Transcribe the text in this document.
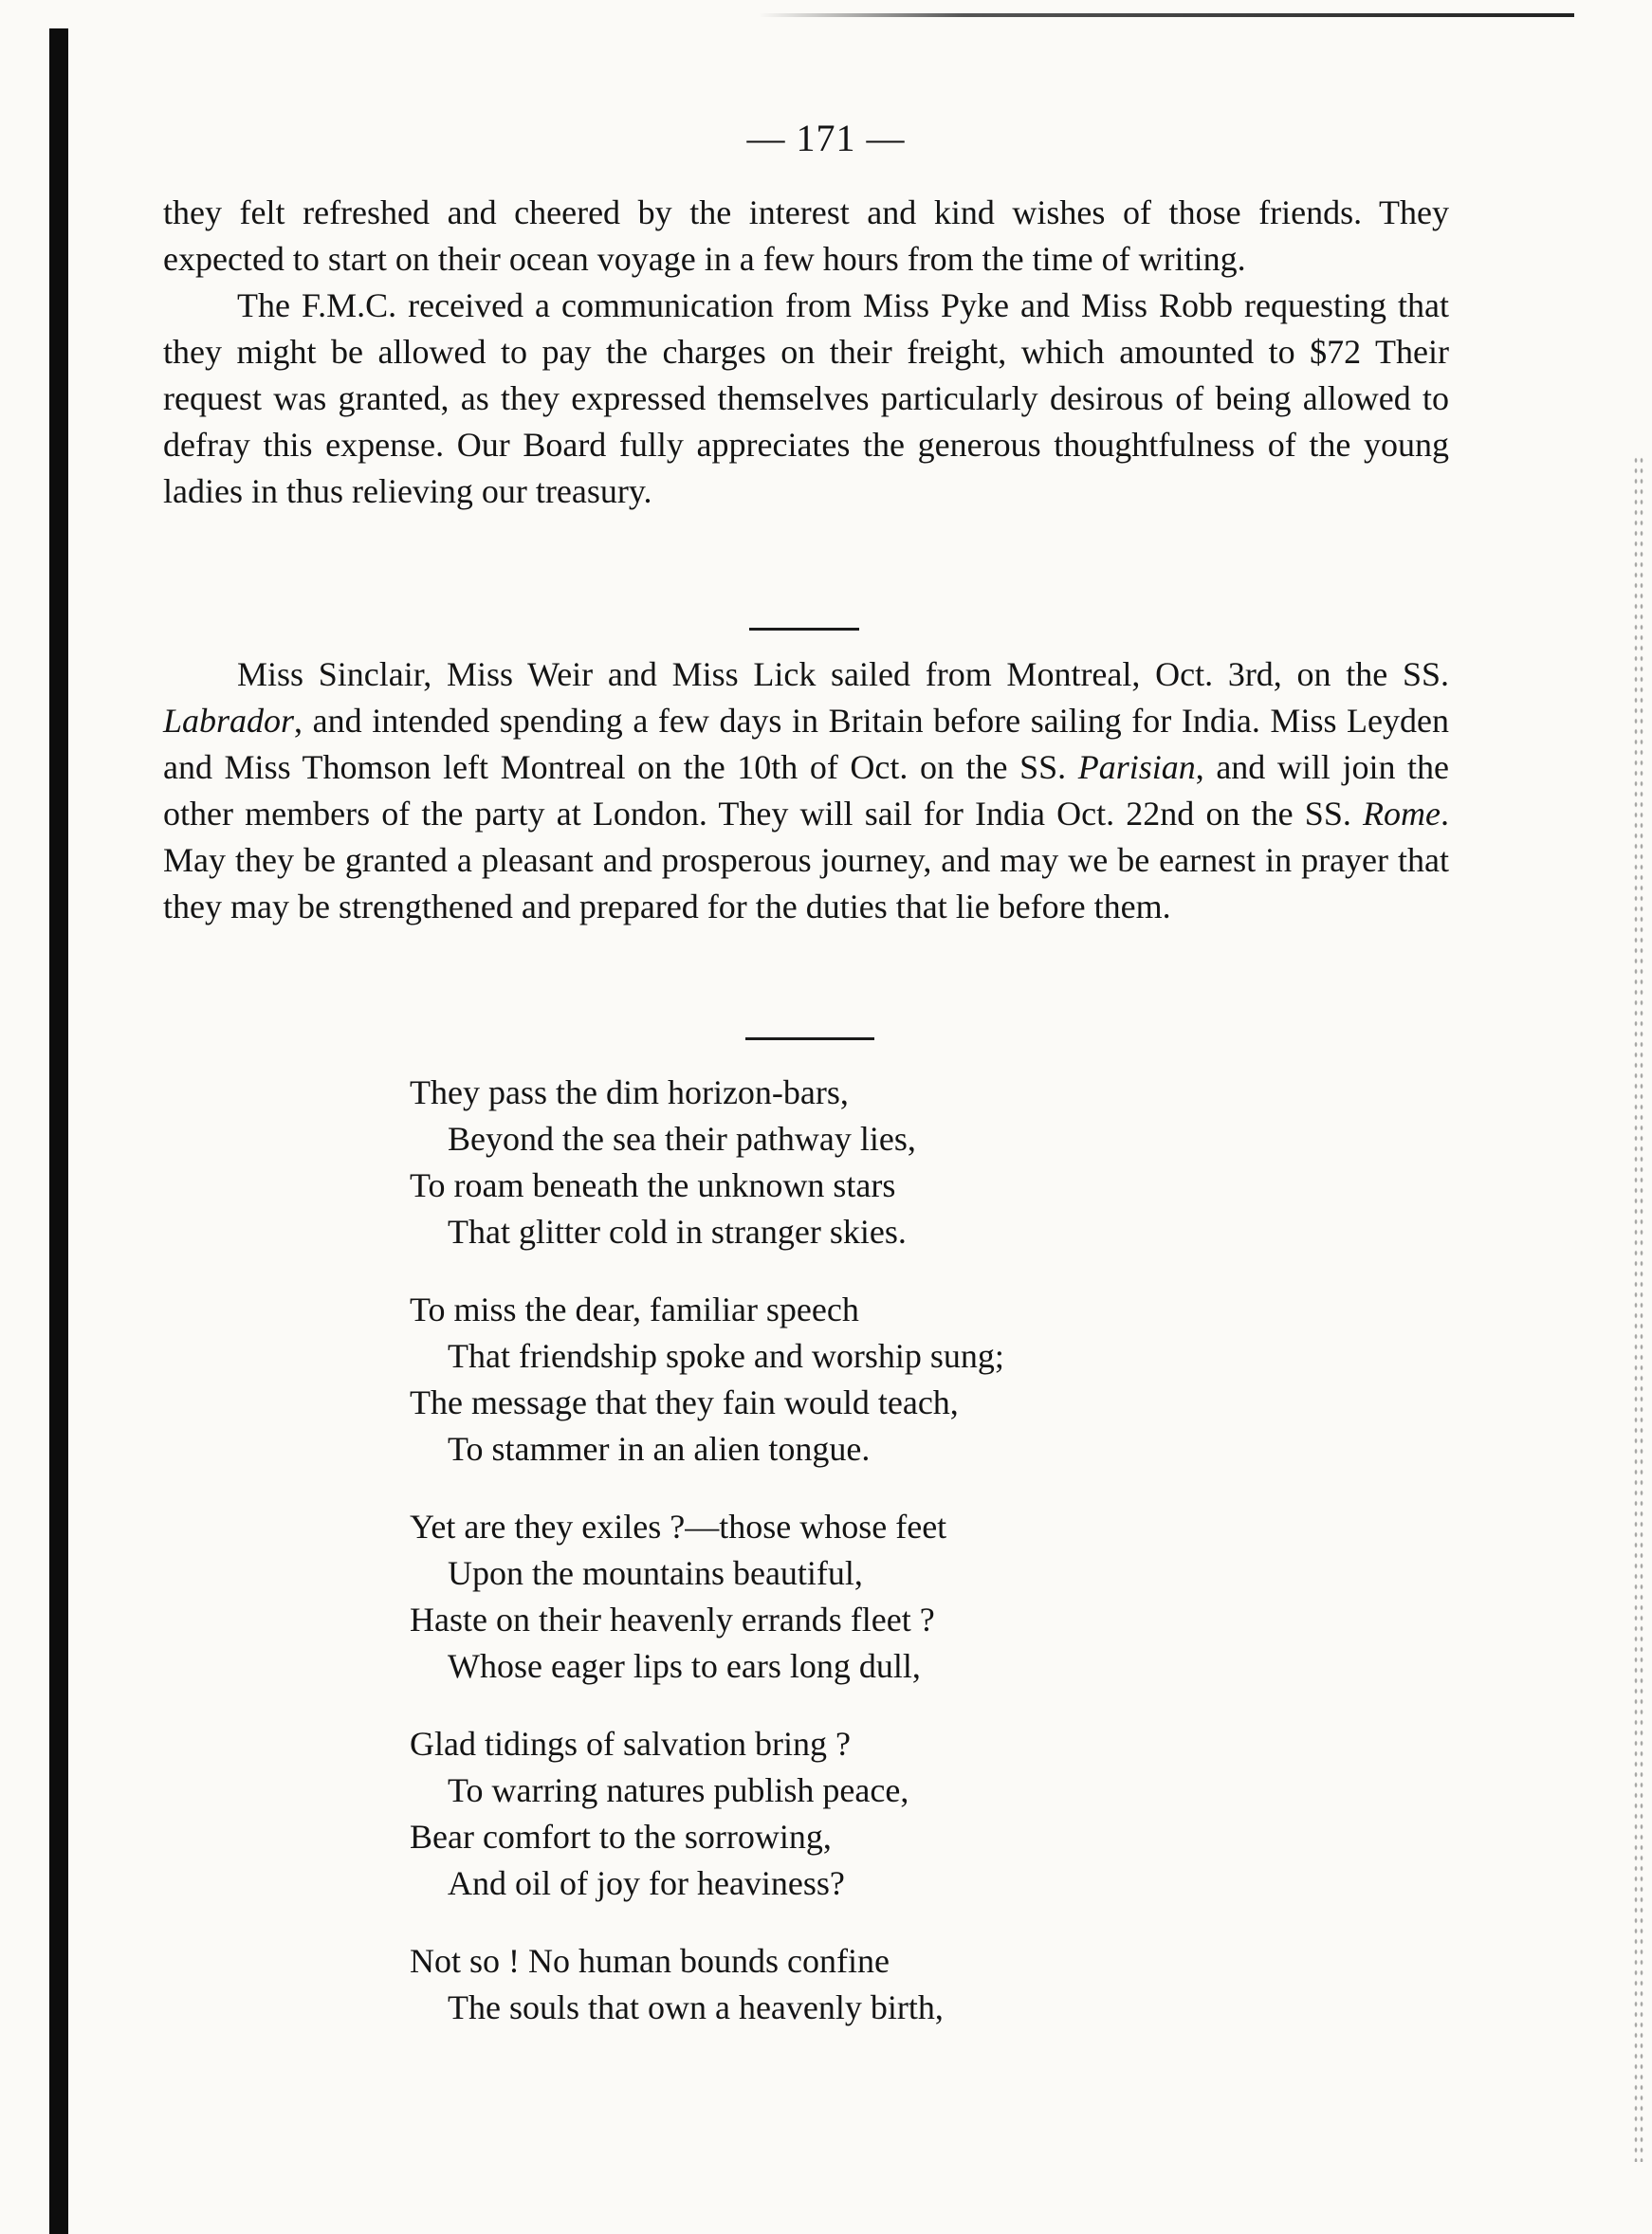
— 171 —

they felt refreshed and cheered by the interest and kind wishes of those friends. They expected to start on their ocean voyage in a few hours from the time of writing.

The F.M.C. received a communication from Miss Pyke and Miss Robb requesting that they might be allowed to pay the charges on their freight, which amounted to $72 Their request was granted, as they expressed themselves particularly desirous of being allowed to defray this expense. Our Board fully appreciates the generous thoughtfulness of the young ladies in thus relieving our treasury.

Miss Sinclair, Miss Weir and Miss Lick sailed from Montreal, Oct. 3rd, on the SS. Labrador, and intended spending a few days in Britain before sailing for India. Miss Leyden and Miss Thomson left Montreal on the 10th of Oct. on the SS. Parisian, and will join the other members of the party at London. They will sail for India Oct. 22nd on the SS. Rome. May they be granted a pleasant and prosperous journey, and may we be earnest in prayer that they may be strengthened and prepared for the duties that lie before them.

They pass the dim horizon-bars,
Beyond the sea their pathway lies,
To roam beneath the unknown stars
That glitter cold in stranger skies.
To miss the dear, familiar speech
That friendship spoke and worship sung;
The message that they fain would teach,
To stammer in an alien tongue.
Yet are they exiles ?—those whose feet
Upon the mountains beautiful,
Haste on their heavenly errands fleet ?
Whose eager lips to ears long dull,
Glad tidings of salvation bring ?
To warring natures publish peace,
Bear comfort to the sorrowing,
And oil of joy for heaviness?
Not so ! No human bounds confine
The souls that own a heavenly birth,
